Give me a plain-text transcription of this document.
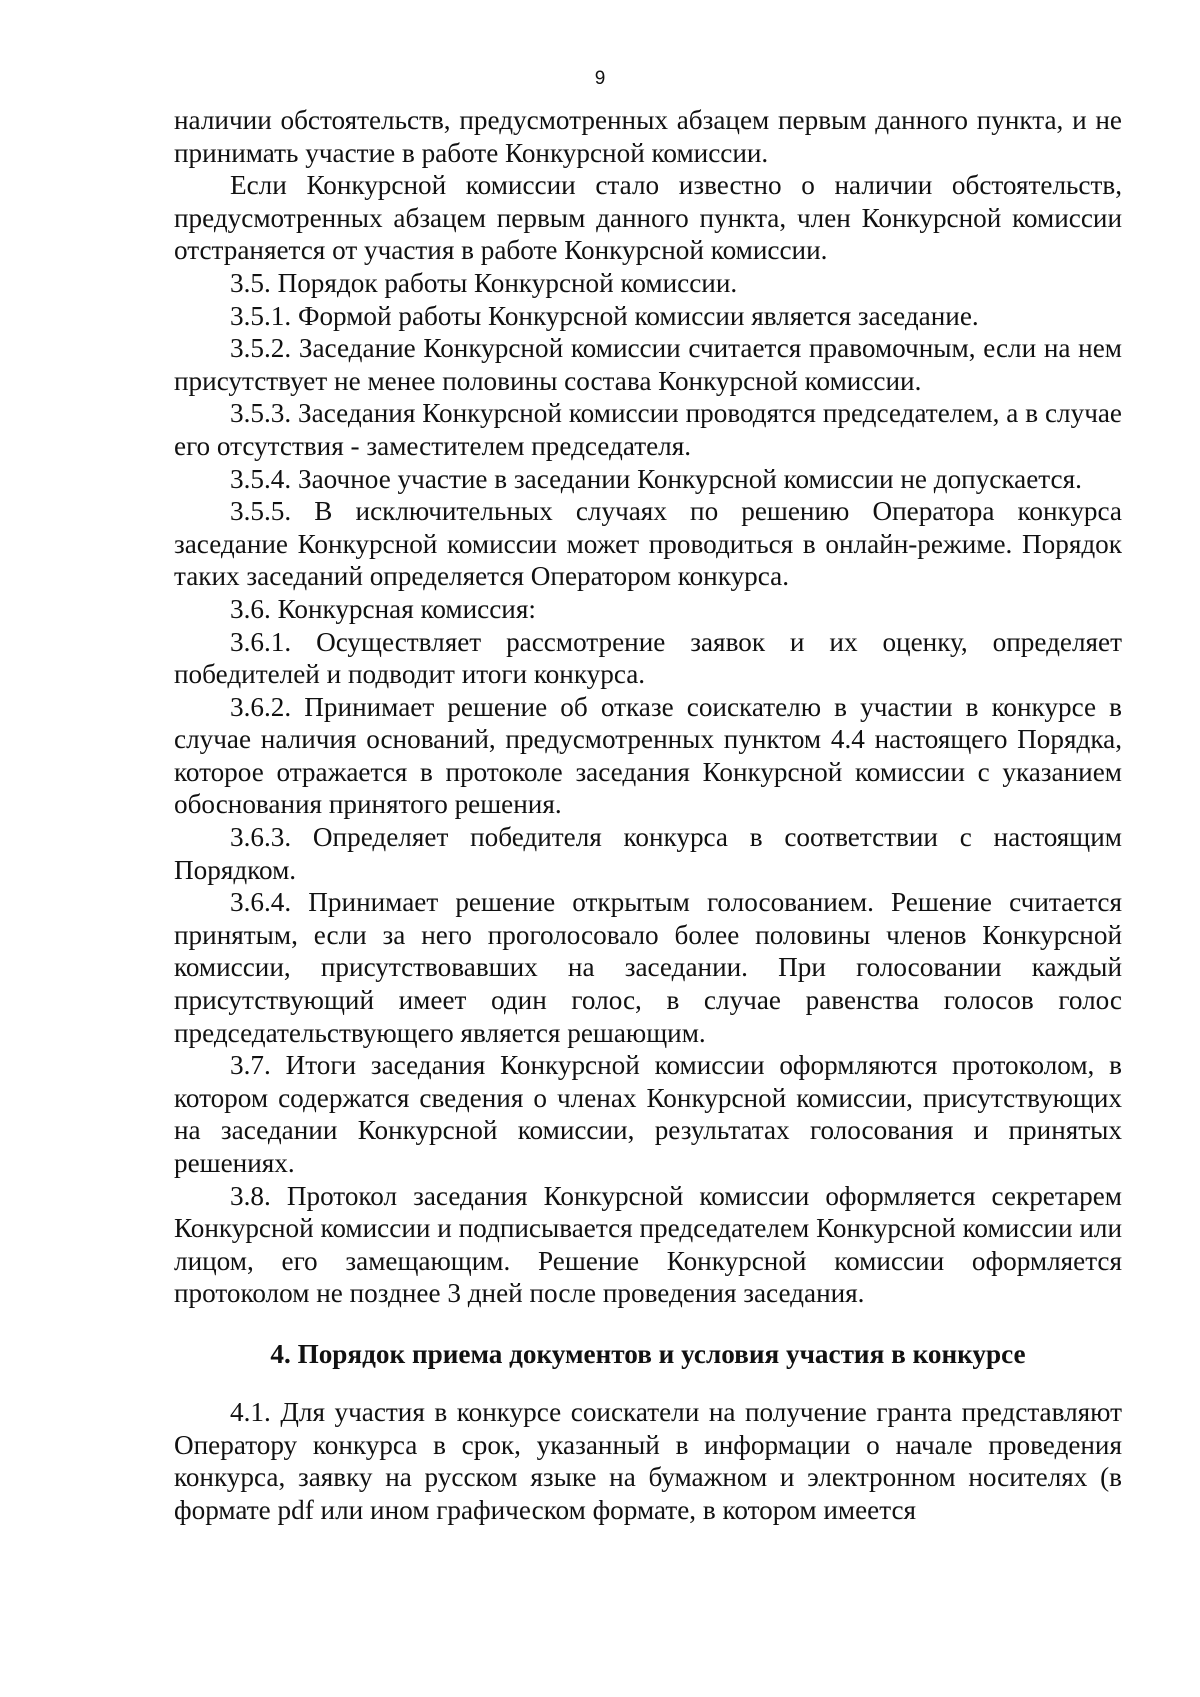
9

наличии обстоятельств, предусмотренных абзацем первым данного пункта, и не принимать участие в работе Конкурсной комиссии.

Если Конкурсной комиссии стало известно о наличии обстоятельств, предусмотренных абзацем первым данного пункта, член Конкурсной комиссии отстраняется от участия в работе Конкурсной комиссии.

3.5. Порядок работы Конкурсной комиссии.

3.5.1. Формой работы Конкурсной комиссии является заседание.

3.5.2. Заседание Конкурсной комиссии считается правомочным, если на нем присутствует не менее половины состава Конкурсной комиссии.

3.5.3. Заседания Конкурсной комиссии проводятся председателем, а в случае его отсутствия - заместителем председателя.

3.5.4. Заочное участие в заседании Конкурсной комиссии не допускается.

3.5.5. В исключительных случаях по решению Оператора конкурса заседание Конкурсной комиссии может проводиться в онлайн-режиме. Порядок таких заседаний определяется Оператором конкурса.

3.6. Конкурсная комиссия:

3.6.1. Осуществляет рассмотрение заявок и их оценку, определяет победителей и подводит итоги конкурса.

3.6.2. Принимает решение об отказе соискателю в участии в конкурсе в случае наличия оснований, предусмотренных пунктом 4.4 настоящего Порядка, которое отражается в протоколе заседания Конкурсной комиссии с указанием обоснования принятого решения.

3.6.3. Определяет победителя конкурса в соответствии с настоящим Порядком.

3.6.4. Принимает решение открытым голосованием. Решение считается принятым, если за него проголосовало более половины членов Конкурсной комиссии, присутствовавших на заседании. При голосовании каждый присутствующий имеет один голос, в случае равенства голосов голос председательствующего является решающим.

3.7. Итоги заседания Конкурсной комиссии оформляются протоколом, в котором содержатся сведения о членах Конкурсной комиссии, присутствующих на заседании Конкурсной комиссии, результатах голосования и принятых решениях.

3.8. Протокол заседания Конкурсной комиссии оформляется секретарем Конкурсной комиссии и подписывается председателем Конкурсной комиссии или лицом, его замещающим. Решение Конкурсной комиссии оформляется протоколом не позднее 3 дней после проведения заседания.

4. Порядок приема документов и условия участия в конкурсе

4.1. Для участия в конкурсе соискатели на получение гранта представляют Оператору конкурса в срок, указанный в информации о начале проведения конкурса, заявку на русском языке на бумажном и электронном носителях (в формате pdf или ином графическом формате, в котором имеется
